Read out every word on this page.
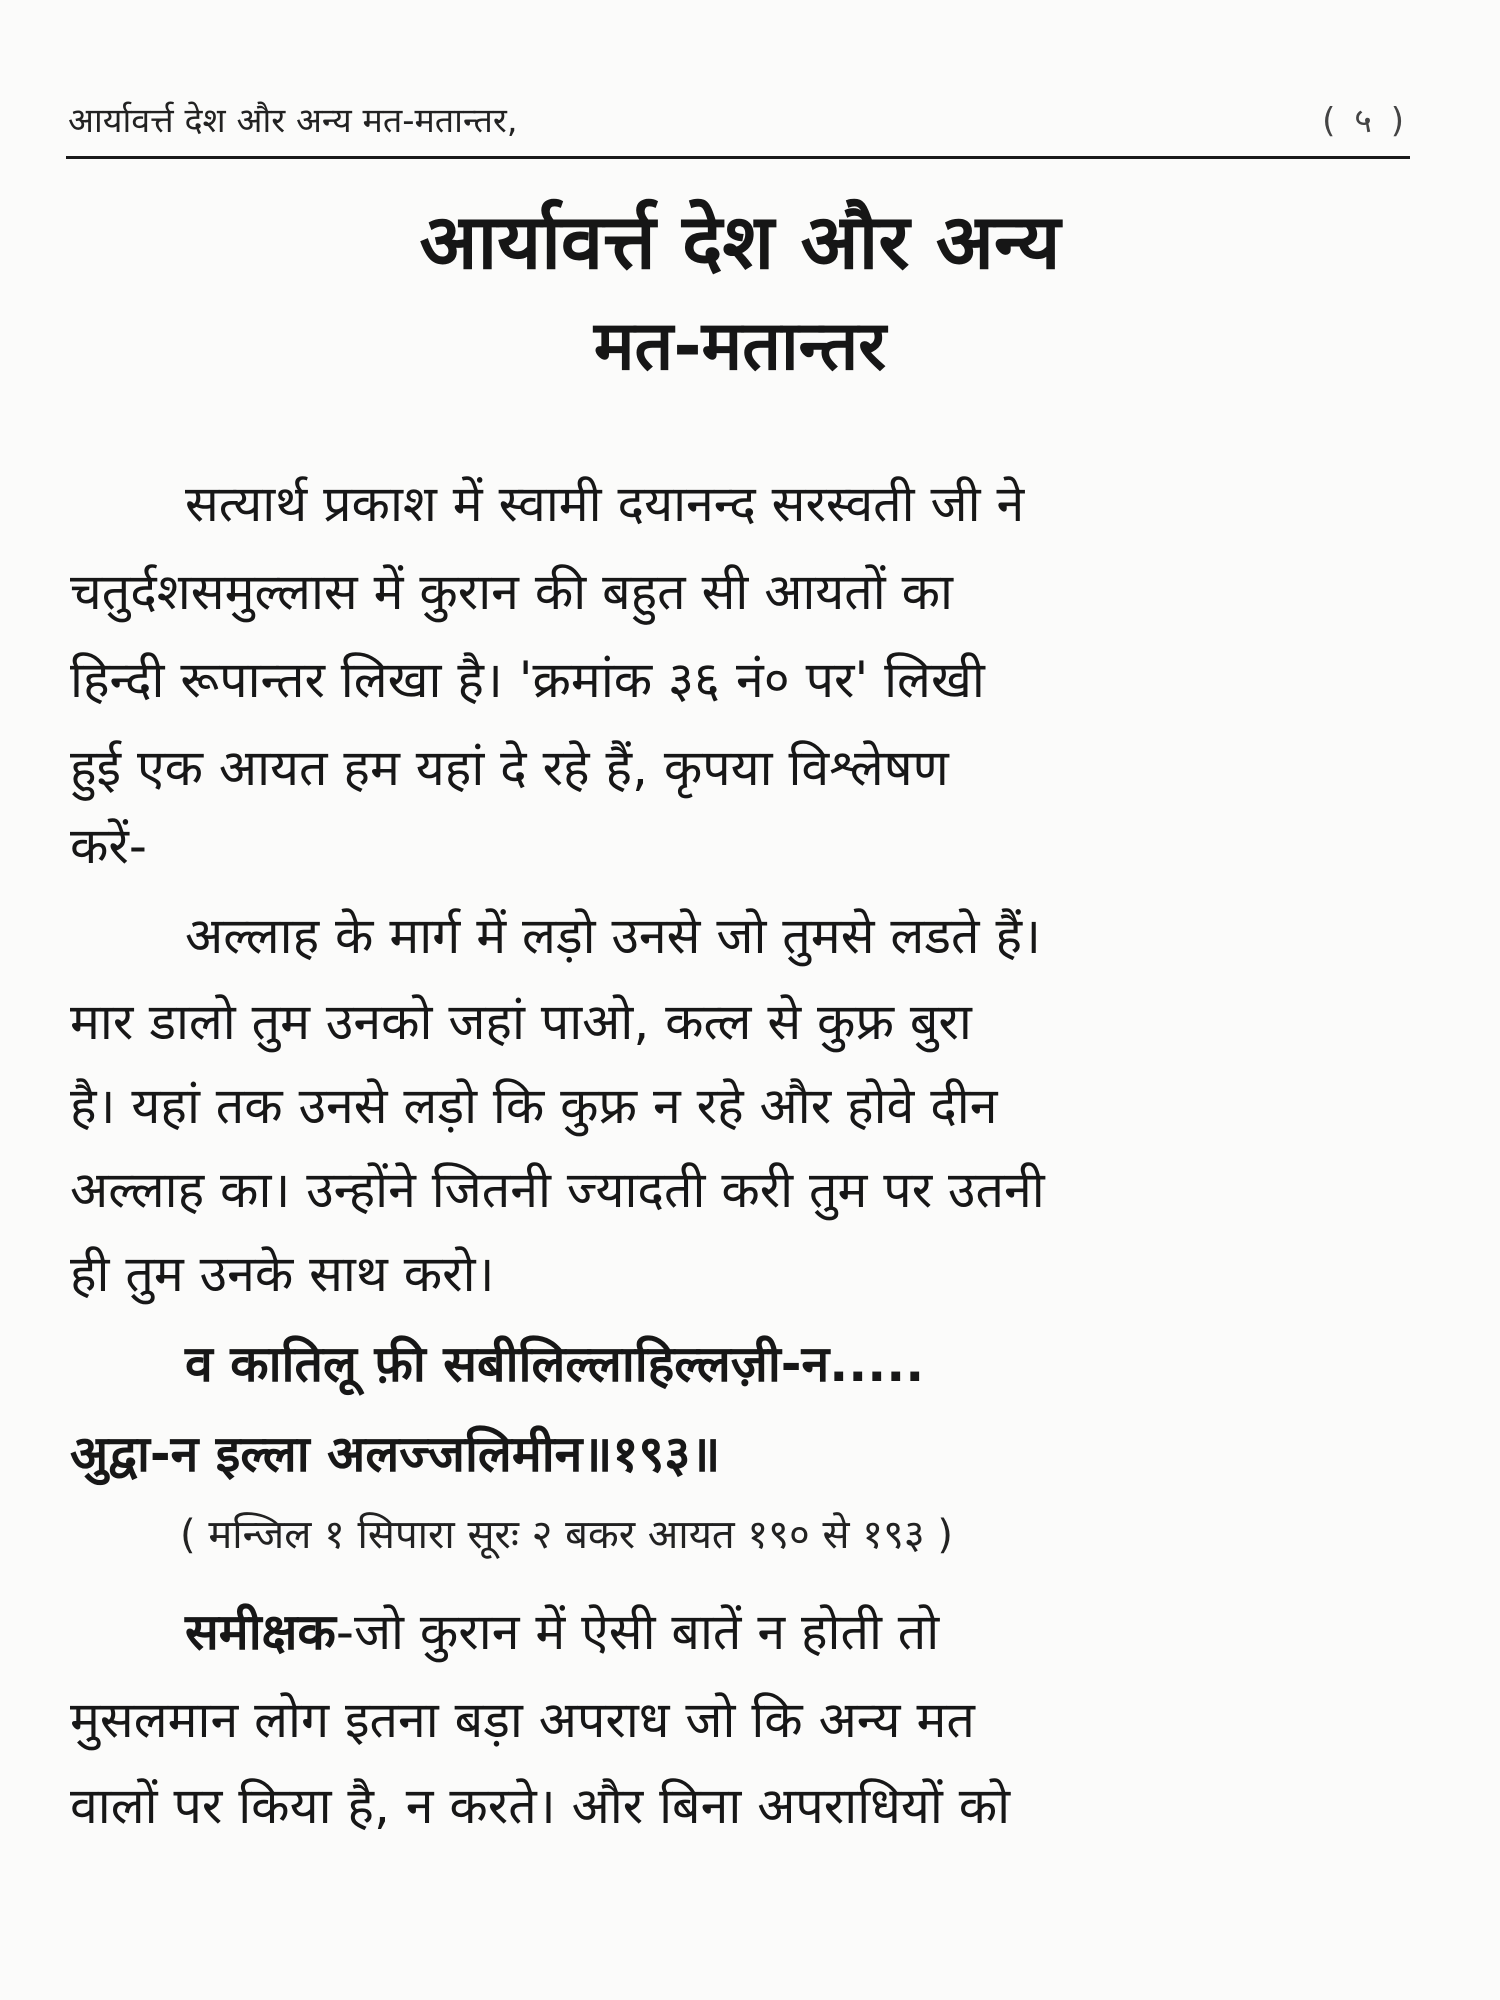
आर्यावर्त्त देश और अन्य मत-मतान्तर,	( ५ )
आर्यावर्त्त देश और अन्य
मत-मतान्तर
सत्यार्थ प्रकाश में स्वामी दयानन्द सरस्वती जी ने
चतुर्दशसमुल्लास में कुरान की बहुत सी आयतों का
हिन्दी रूपान्तर लिखा है। 'क्रमांक ३६ नं० पर' लिखी
हुई एक आयत हम यहां दे रहे हैं, कृपया विश्लेषण
करें-
अल्लाह के मार्ग में लड़ो उनसे जो तुमसे लडते हैं।
मार डालो तुम उनको जहां पाओ, कत्ल से कुफ्र बुरा
है। यहां तक उनसे लड़ो कि कुफ्र न रहे और होवे दीन
अल्लाह का। उन्होंने जितनी ज्यादती करी तुम पर उतनी
ही तुम उनके साथ करो।
व कातिलू फ़ी सबीलिल्लाहिल्लज़ी-न.....
अुद्वा-न इल्ला अलज्जलिमीन॥१९३॥
( मन्जिल १ सिपारा सूरः २ बकर आयत १९० से १९३ )
समीक्षक-जो कुरान में ऐसी बातें न होती तो
मुसलमान लोग इतना बड़ा अपराध जो कि अन्य मत
वालों पर किया है, न करते। और बिना अपराधियों को
